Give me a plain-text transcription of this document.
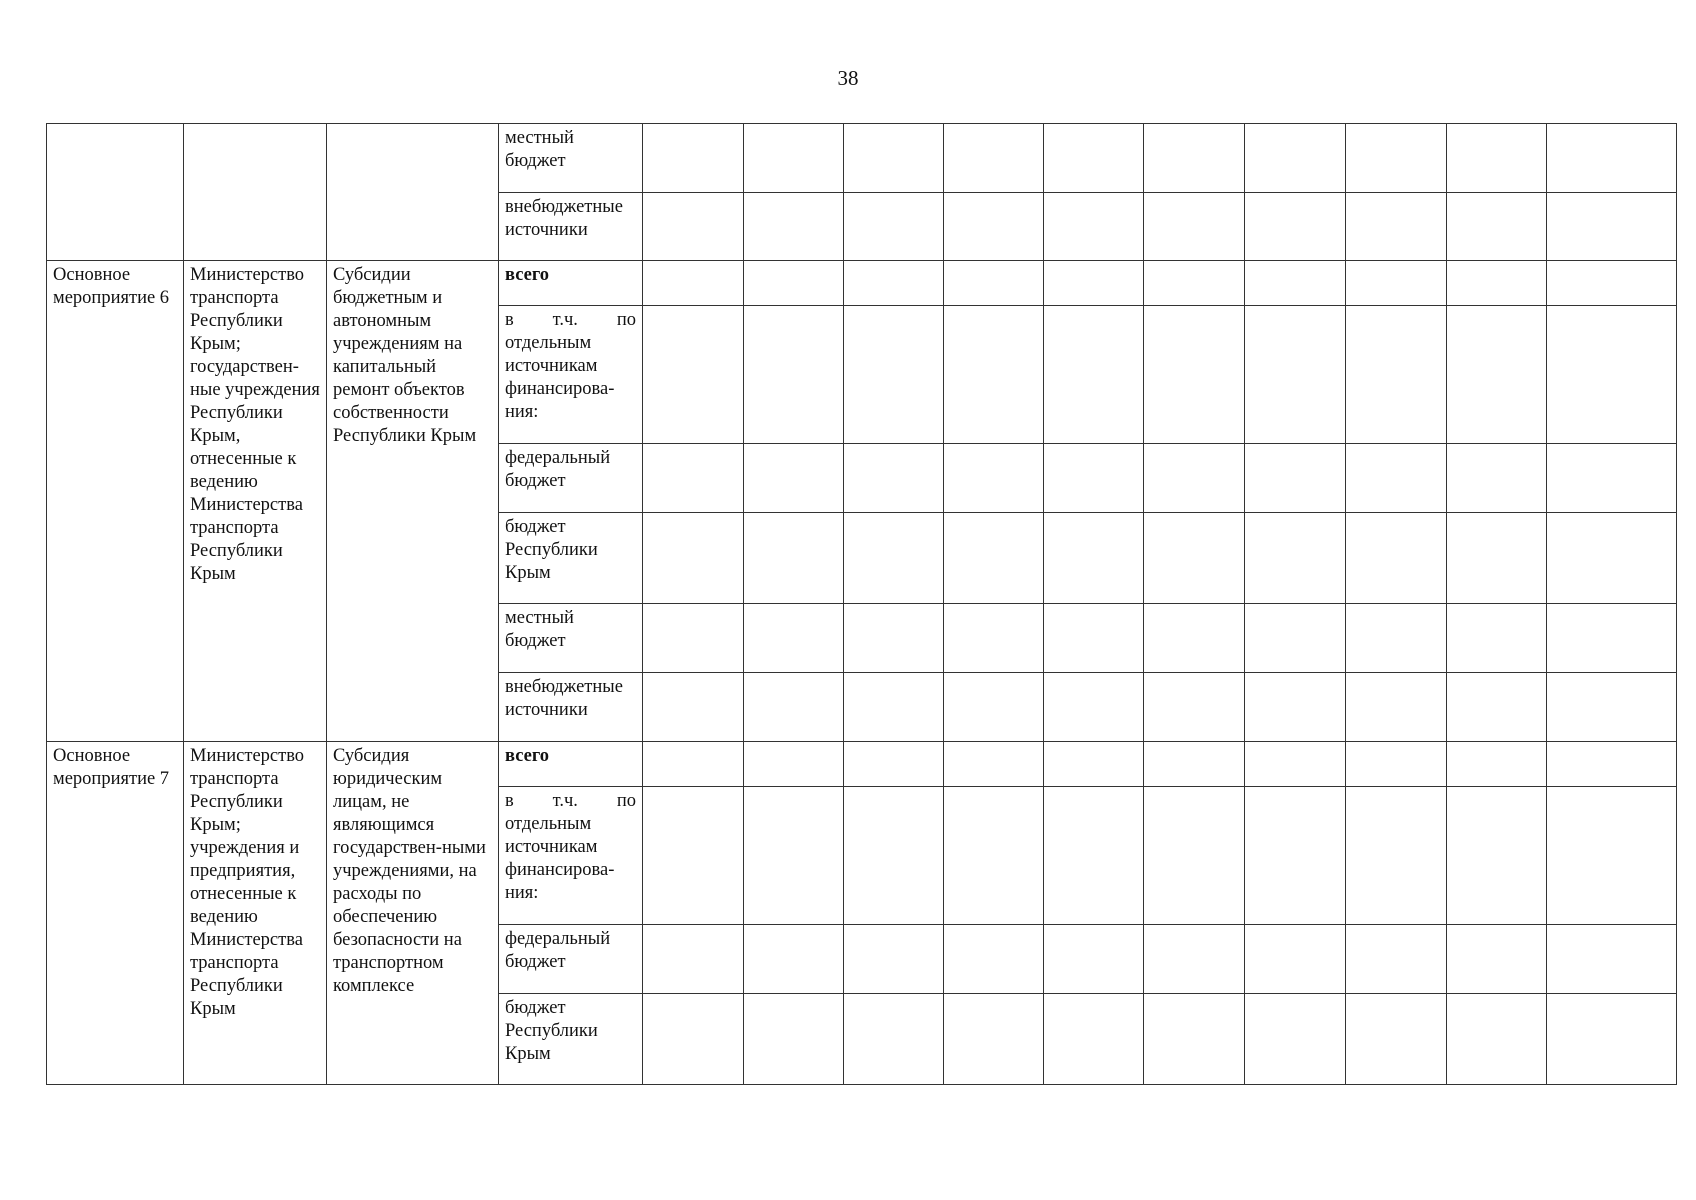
38
			местный бюджет										
			внебюджетные источники										
Основное мероприятие 6	Министерство транспорта Республики Крым; государствен-ные учреждения Республики Крым, отнесенные к ведению Министерства транспорта Республики Крым	Субсидии бюджетным и автономным учреждениям на капитальный ремонт объектов собственности Республики Крым	всего										

			в т.ч. по
отдельным источникам финансирова-ния:										

			федеральный бюджет										
			бюджет Республики Крым										
			местный бюджет										
			внебюджетные источники										
Основное мероприятие 7	Министерство транспорта Республики Крым; учреждения и предприятия, отнесенные к ведению Министерства транспорта Республики Крым	Субсидия юридическим лицам, не являющимся государствен-ными учреждениями, на расходы по обеспечению безопасности на транспортном комплексе	всего										

			в т.ч. по
отдельным источникам финансирова-ния:										

			федеральный бюджет										
			бюджет Республики Крым										
